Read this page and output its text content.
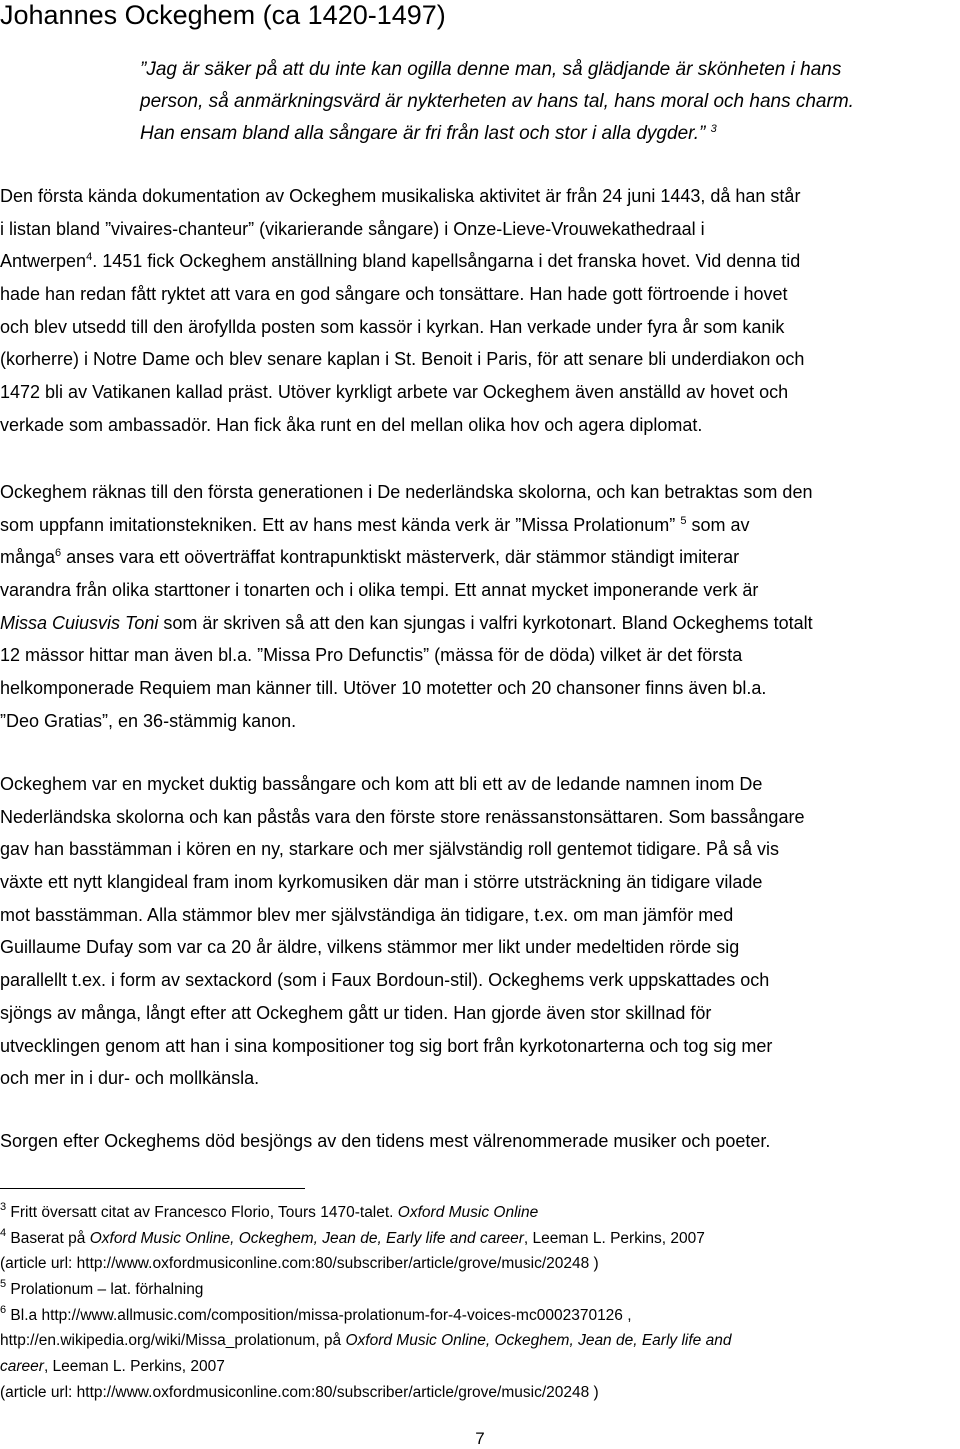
Johannes Ockeghem (ca 1420-1497)
”Jag är säker på att du inte kan ogilla denne man, så glädjande är skönheten i hans
person, så anmärkningsvärd är nykterheten av hans tal, hans moral och hans charm.
Han ensam bland alla sångare är fri från last och stor i alla dygder.” $^3$
Den första kända dokumentation av Ockeghem musikaliska aktivitet är från 24 juni 1443, då han står
i listan bland ”vivaires-chanteur” (vikarierande sångare) i Onze-Lieve-Vrouwekathedraal i
Antwerpen$^4$. 1451 fick Ockeghem anställning bland kapellsångarna i det franska hovet. Vid denna tid
hade han redan fått ryktet att vara en god sångare och tonsättare. Han hade gott förtroende i hovet
och blev utsedd till den ärofyllda posten som kassör i kyrkan. Han verkade under fyra år som kanik
(korherre) i Notre Dame och blev senare kaplan i St. Benoit i Paris, för att senare bli underdiakon och
1472 bli av Vatikanen kallad präst. Utöver kyrkligt arbete var Ockeghem även anställd av hovet och
verkade som ambassadör. Han fick åka runt en del mellan olika hov och agera diplomat.
Ockeghem räknas till den första generationen i De nederländska skolorna, och kan betraktas som den
som uppfann imitationstekniken. Ett av hans mest kända verk är ”Missa Prolationum” $^5$ som av
många$^6$ anses vara ett oöverträffat kontrapunktiskt mästerverk, där stämmor ständigt imiterar
varandra från olika starttoner i tonarten och i olika tempi. Ett annat mycket imponerande verk är
Missa Cuiusvis Toni som är skriven så att den kan sjungas i valfri kyrkotonart. Bland Ockeghems totalt
12 mässor hittar man även bl.a. ”Missa Pro Defunctis” (mässa för de döda) vilket är det första
helkomponerade Requiem man känner till. Utöver 10 motetter och 20 chansoner finns även bl.a.
”Deo Gratias”, en 36-stämmig kanon.
Ockeghem var en mycket duktig bassångare och kom att bli ett av de ledande namnen inom De
Nederländska skolorna och kan påstås vara den förste store renässanstonsättaren. Som bassångare
gav han basstämman i kören en ny, starkare och mer självständig roll gentemot tidigare. På så vis
växte ett nytt klangideal fram inom kyrkomusiken där man i större utsträckning än tidigare vilade
mot basstämman. Alla stämmor blev mer självständiga än tidigare, t.ex. om man jämför med
Guillaume Dufay som var ca 20 år äldre, vilkens stämmor mer likt under medeltiden rörde sig
parallellt t.ex. i form av sextackord (som i Faux Bordoun-stil). Ockeghems verk uppskattades och
sjöngs av många, långt efter att Ockeghem gått ur tiden. Han gjorde även stor skillnad för
utvecklingen genom att han i sina kompositioner tog sig bort från kyrkotonarterna och tog sig mer
och mer in i dur- och mollkänsla.
Sorgen efter Ockeghems död besjöngs av den tidens mest välrenommerade musiker och poeter.
$^3$ Fritt översatt citat av Francesco Florio, Tours 1470-talet. Oxford Music Online
$^4$ Baserat på Oxford Music Online, Ockeghem, Jean de, Early life and career, Leeman L. Perkins, 2007
(article url: http://www.oxfordmusiconline.com:80/subscriber/article/grove/music/20248 )
$^5$ Prolationum – lat. förhalning
$^6$ Bl.a http://www.allmusic.com/composition/missa-prolationum-for-4-voices-mc0002370126 ,
http://en.wikipedia.org/wiki/Missa_prolationum, på Oxford Music Online, Ockeghem, Jean de, Early life and
career, Leeman L. Perkins, 2007
(article url: http://www.oxfordmusiconline.com:80/subscriber/article/grove/music/20248 )
7
